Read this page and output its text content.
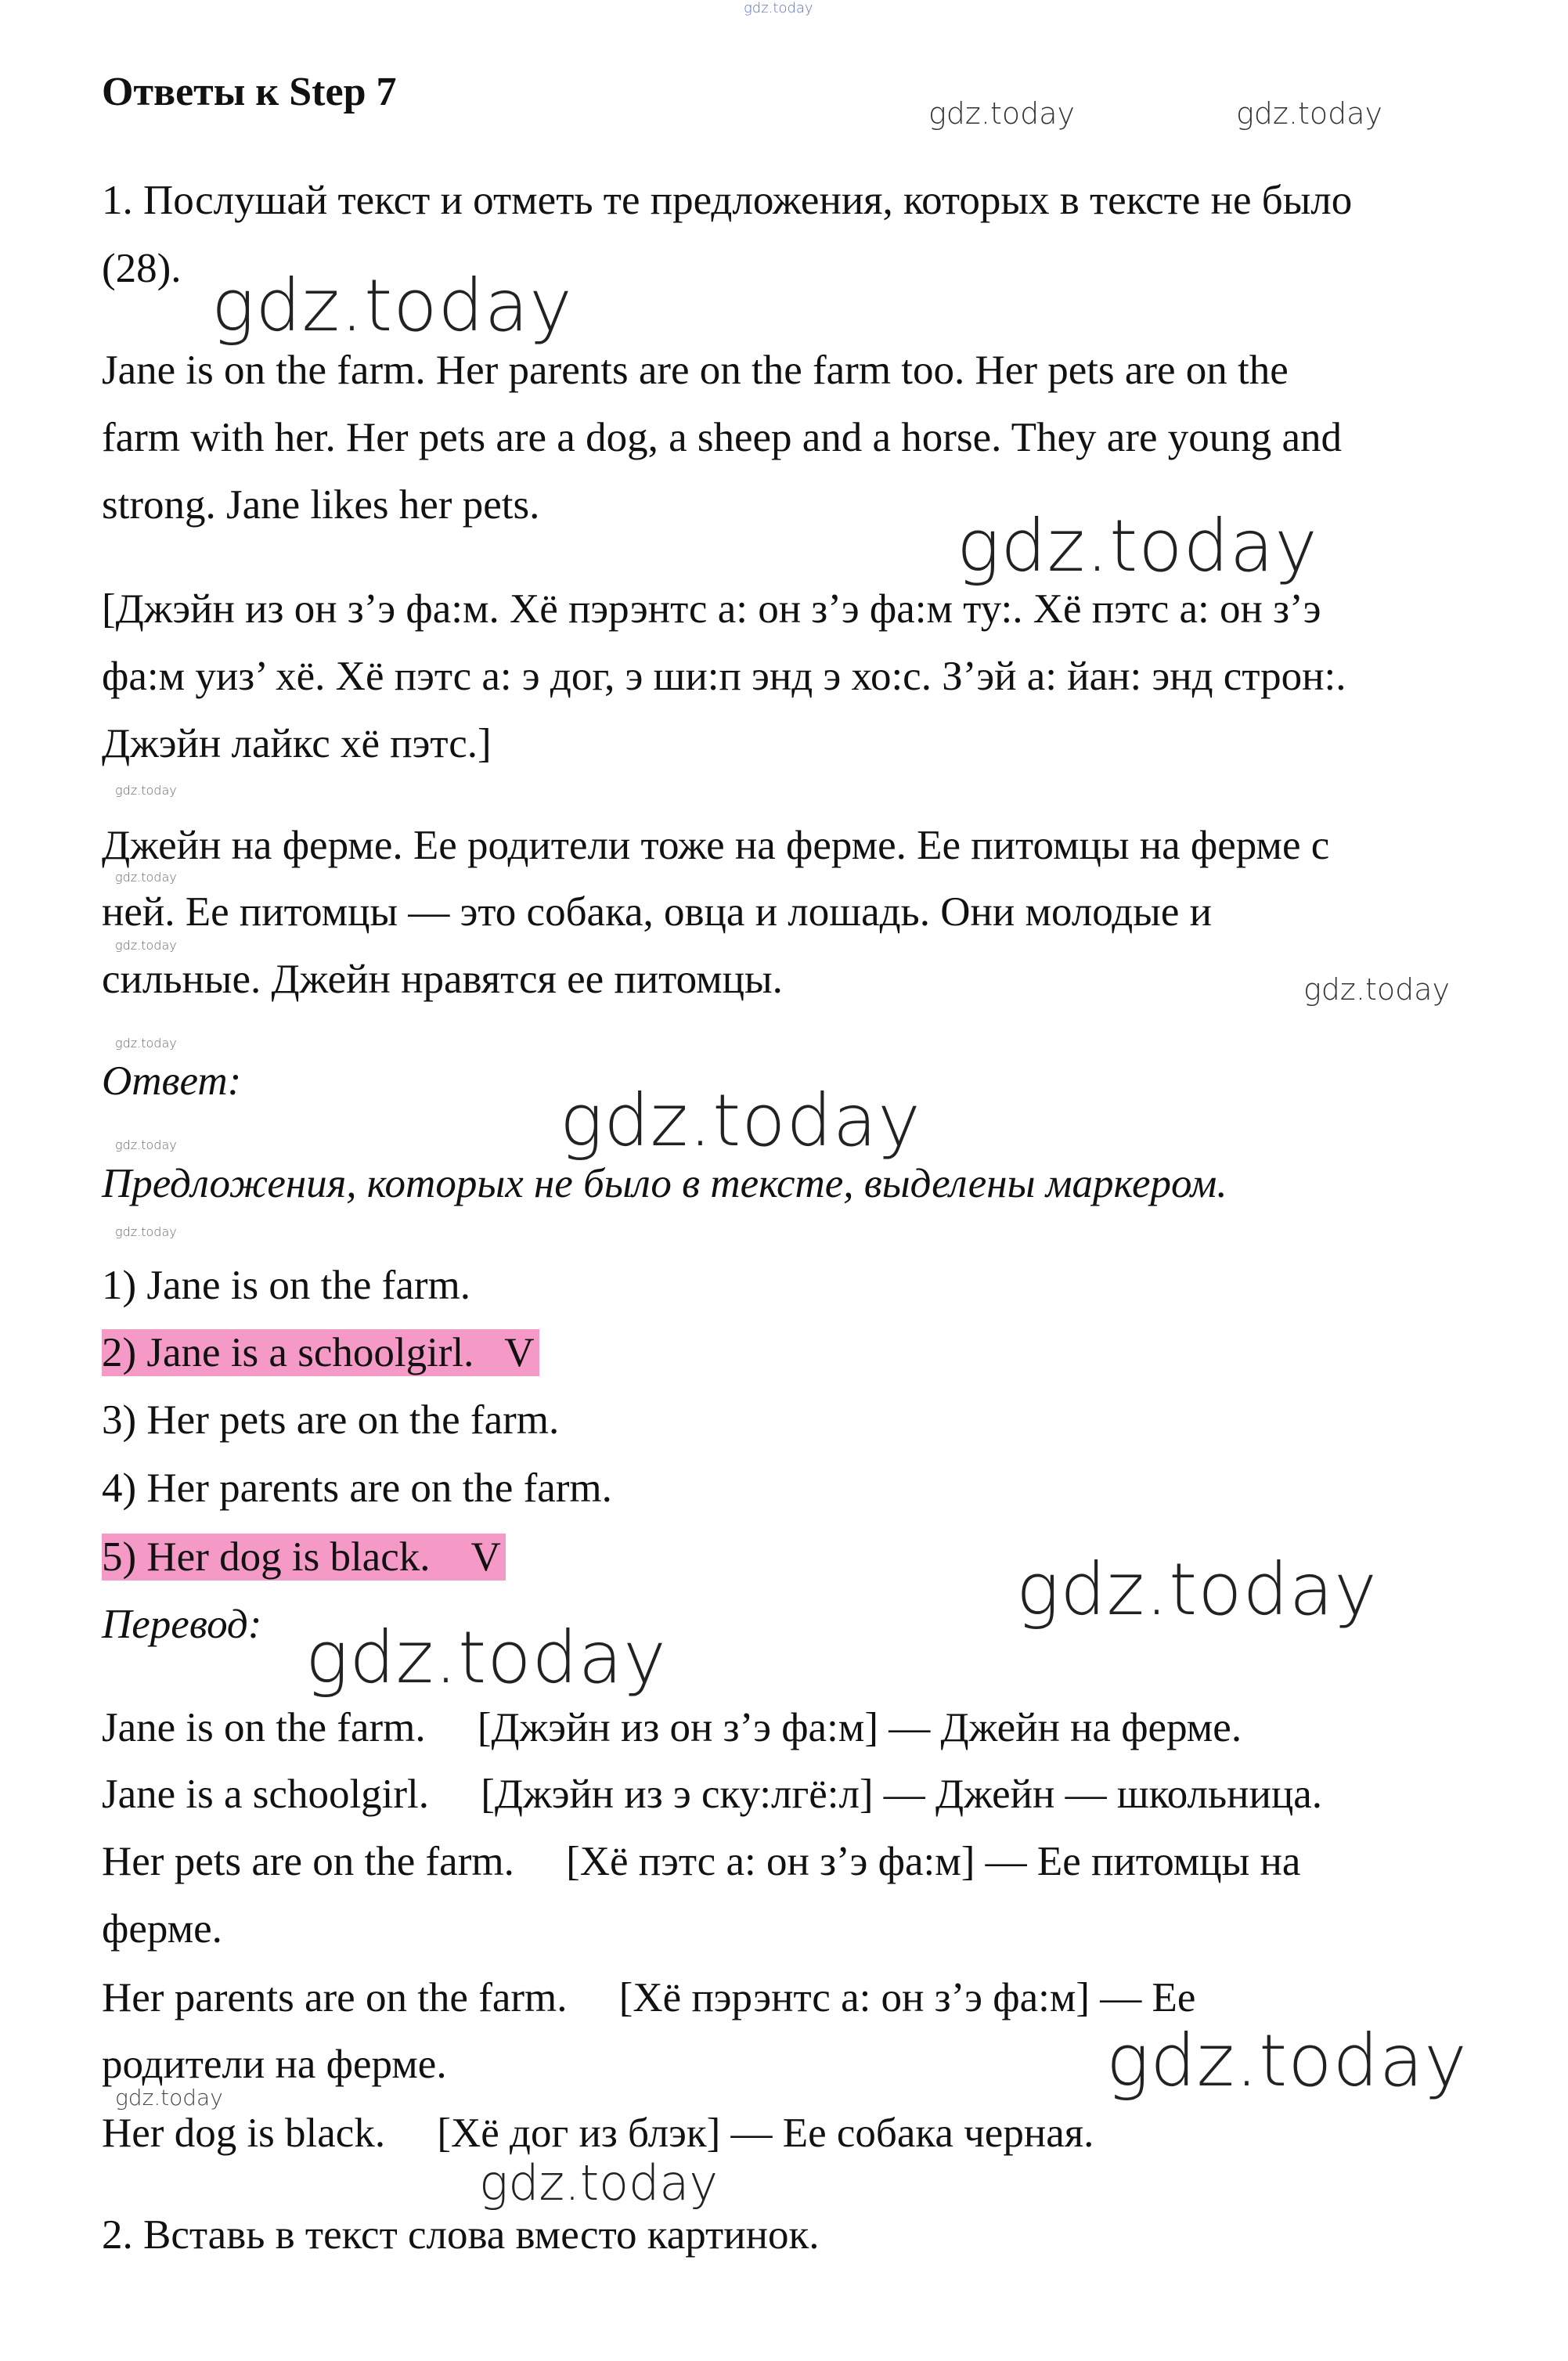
Ответы к Step 7
1. Послушай текст и отметь те предложения, которых в тексте не было
(28).
Jane is on the farm. Her parents are on the farm too. Her pets are on the
farm with her. Her pets are a dog, a sheep and a horse. They are young and
strong. Jane likes her pets.
[Джэйн из он з’э фа:м. Хё пэрэнтс а: он з’э фа:м ту:. Хё пэтс а: он з’э
фа:м уиз’ хё. Хё пэтс а: э дог, э ши:п энд э хо:с. З’эй а: йан: энд строн:.
Джэйн лайкс хё пэтс.]
Джейн на ферме. Ее родители тоже на ферме. Ее питомцы на ферме с
ней. Ее питомцы — это собака, овца и лошадь. Они молодые и
сильные. Джейн нравятся ее питомцы.
Ответ:
Предложения, которых не было в тексте, выделены маркером.
1) Jane is on the farm.
2) Jane is a schoolgirl.   V
3) Her pets are on the farm.
4) Her parents are on the farm.
5) Her dog is black.    V
Перевод:
Jane is on the farm.     [Джэйн из он з’э фа:м] — Джейн на ферме.
Jane is a schoolgirl.     [Джэйн из э ску:лгё:л] — Джейн — школьница.
Her pets are on the farm.     [Хё пэтс а: он з’э фа:м] — Ее питомцы на
ферме.
Her parents are on the farm.     [Хё пэрэнтс а: он з’э фа:м] — Ее
родители на ферме.
Her dog is black.     [Хё дог из блэк] — Ее собака черная.
2. Вставь в текст слова вместо картинок.
gdz.today
gdz.today	gdz.today
gdz.today
gdz.today
gdz.today
gdz.today
gdz.today
gdz.today
gdz.today
gdz.today
gdz.today
gdz.today
gdz.today
gdz.today
gdz.today
gdz.today
gdz.today
